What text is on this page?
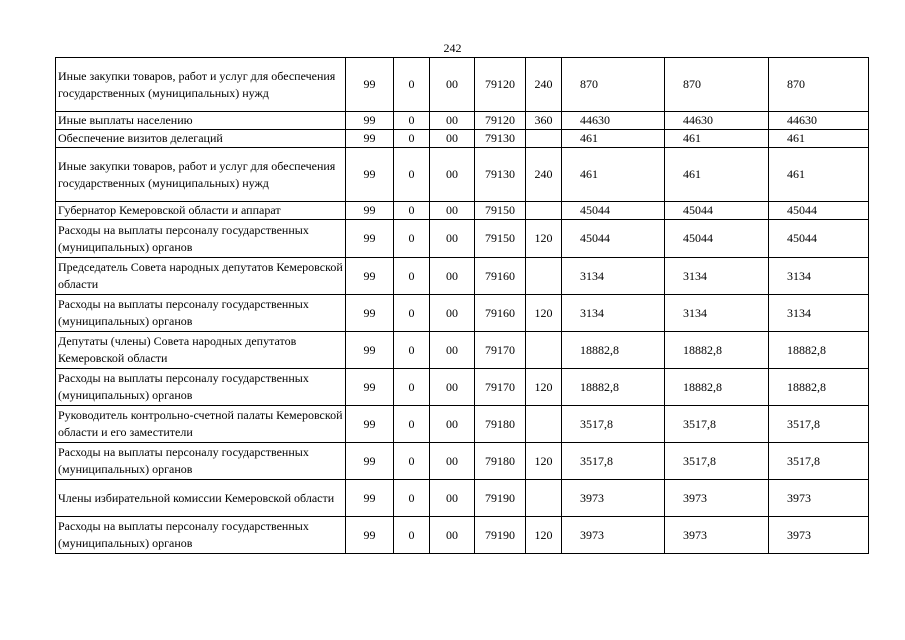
242
Иные закупки товаров, работ и услуг для обеспечения государственных (муниципальных) нужд	99	0	00	79120	240	870	870	870
Иные выплаты населению	99	0	00	79120	360	44630	44630	44630
Обеспечение визитов делегаций	99	0	00	79130		461	461	461
Иные закупки товаров, работ и услуг для обеспечения государственных (муниципальных) нужд	99	0	00	79130	240	461	461	461
Губернатор Кемеровской области и аппарат	99	0	00	79150		45044	45044	45044
Расходы на выплаты персоналу государственных (муниципальных) органов	99	0	00	79150	120	45044	45044	45044
Председатель Совета народных депутатов Кемеровской области	99	0	00	79160		3134	3134	3134
Расходы на выплаты персоналу государственных (муниципальных) органов	99	0	00	79160	120	3134	3134	3134
Депутаты (члены) Совета народных депутатов Кемеровской области	99	0	00	79170		18882,8	18882,8	18882,8
Расходы на выплаты персоналу государственных (муниципальных) органов	99	0	00	79170	120	18882,8	18882,8	18882,8
Руководитель контрольно-счетной палаты Кемеровской области и его заместители	99	0	00	79180		3517,8	3517,8	3517,8
Расходы на выплаты персоналу государственных (муниципальных) органов	99	0	00	79180	120	3517,8	3517,8	3517,8
Члены избирательной комиссии Кемеровской области	99	0	00	79190		3973	3973	3973
Расходы на выплаты персоналу государственных (муниципальных) органов	99	0	00	79190	120	3973	3973	3973
